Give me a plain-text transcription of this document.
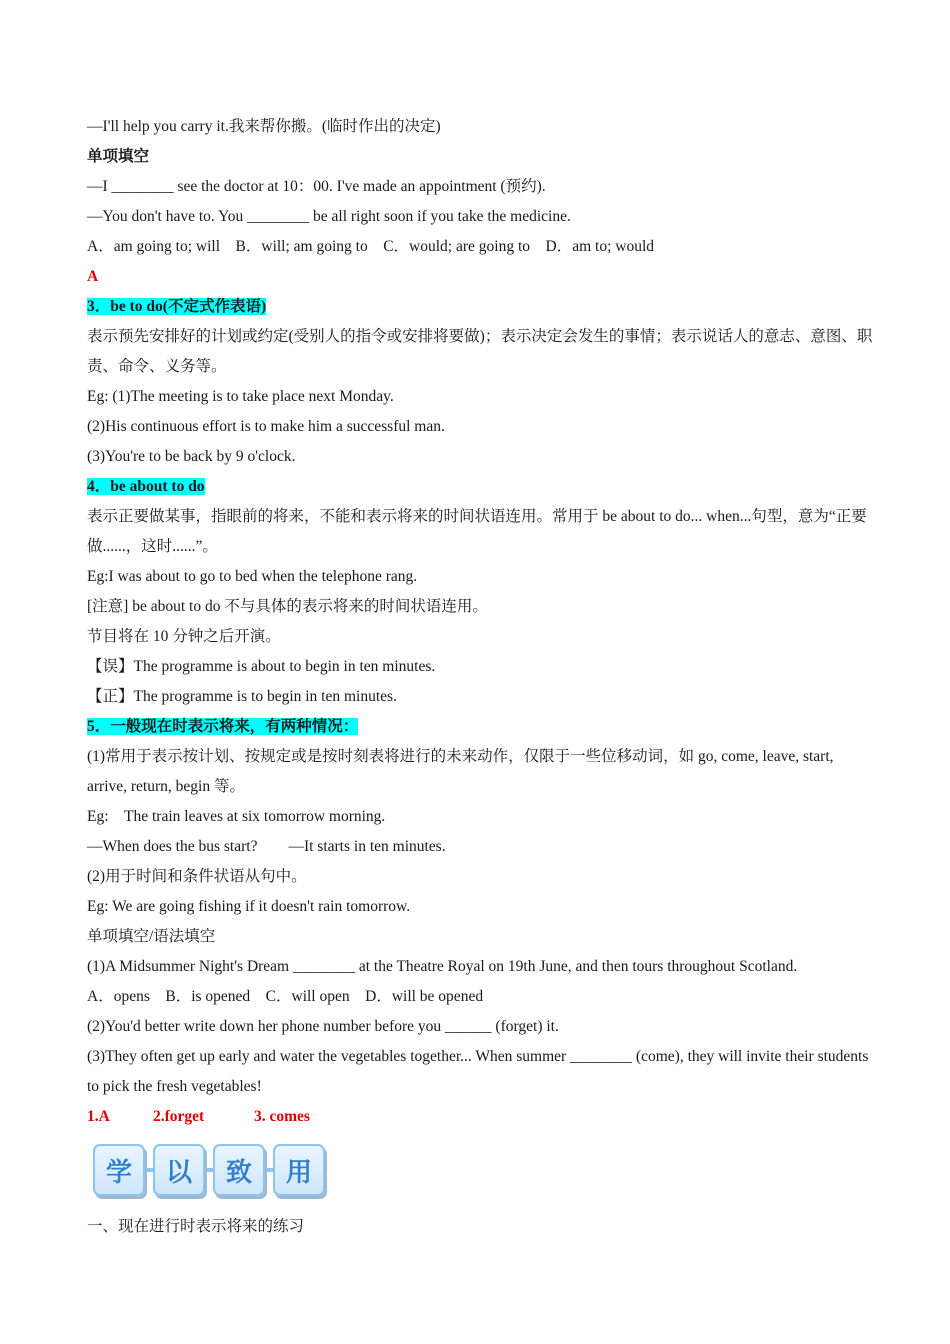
—I'll help you carry it.我来帮你搬。(临时作出的决定)
单项填空
—I ________ see the doctor at 10：00. I've made an appointment (预约).
—You don't have to. You ________ be all right soon if you take the medicine.
A．am going to; will　B．will; am going to　C．would; are going to　D．am to; would
A
3．be to do(不定式作表语)
表示预先安排好的计划或约定(受别人的指令或安排将要做)；表示决定会发生的事情；表示说话人的意志、意图、职责、命令、义务等。
Eg: (1)The meeting is to take place next Monday.
(2)His continuous effort is to make him a successful man.
(3)You're to be back by 9 o'clock.
4．be about to do
表示正要做某事，指眼前的将来，不能和表示将来的时间状语连用。常用于 be about to do... when...句型，意为“正要做......，这时......”。
Eg:I was about to go to bed when the telephone rang.
[注意] be about to do 不与具体的表示将来的时间状语连用。
节目将在 10 分钟之后开演。
【误】The programme is about to begin in ten minutes.
【正】The programme is to begin in ten minutes.
5．一般现在时表示将来，有两种情况：
(1)常用于表示按计划、按规定或是按时刻表将进行的未来动作，仅限于一些位移动词，如 go, come, leave, start, arrive, return, begin 等。
Eg:　The train leaves at six tomorrow morning.
—When does the bus start?　　—It starts in ten minutes.
(2)用于时间和条件状语从句中。
Eg: We are going fishing if it doesn't rain tomorrow.
单项填空/语法填空
(1)A Midsummer Night's Dream ________ at the Theatre Royal on 19th June, and then tours throughout Scotland.
A．opens　B．is opened　C．will open　D．will be opened
(2)You'd better write down her phone number before you ______ (forget) it.
(3)They often get up early and water the vegetables together... When summer ________ (come), they will invite their students to pick the fresh vegetables!
1.A	2.forget	3. comes
学	以	致	用
一、现在进行时表示将来的练习
